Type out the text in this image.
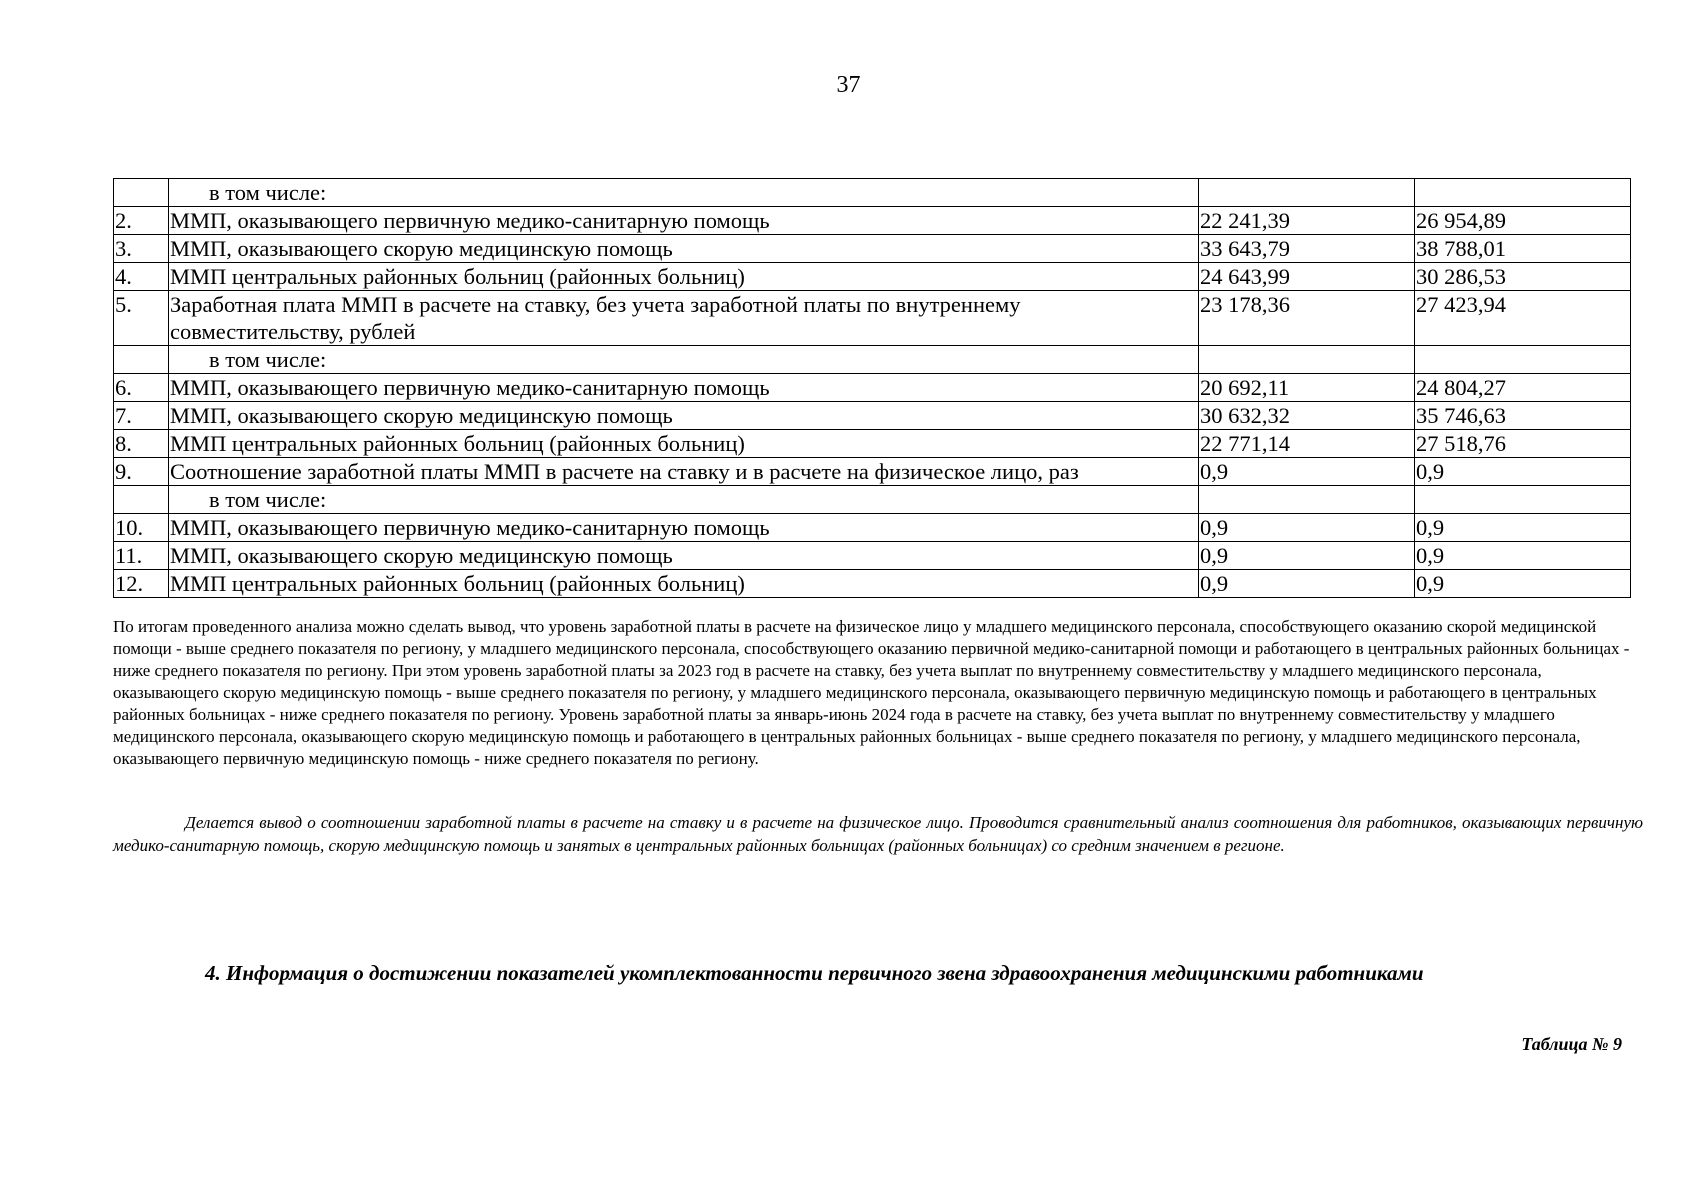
37
	в том числе:		
2.	ММП, оказывающего первичную медико-санитарную помощь	22 241,39	26 954,89
3.	ММП, оказывающего скорую медицинскую помощь	33 643,79	38 788,01
4.	ММП центральных районных больниц (районных больниц)	24 643,99	30 286,53
5.	Заработная плата ММП в расчете на ставку, без учета заработной платы по внутреннему совместительству, рублей	23 178,36	27 423,94
	в том числе:		
6.	ММП, оказывающего первичную медико-санитарную помощь	20 692,11	24 804,27
7.	ММП, оказывающего скорую медицинскую помощь	30 632,32	35 746,63
8.	ММП центральных районных больниц (районных больниц)	22 771,14	27 518,76
9.	Соотношение заработной платы ММП в расчете на ставку и в расчете на физическое лицо, раз	0,9	0,9
	в том числе:		
10.	ММП, оказывающего первичную медико-санитарную помощь	0,9	0,9
11.	ММП, оказывающего скорую медицинскую помощь	0,9	0,9
12.	ММП центральных районных больниц (районных больниц)	0,9	0,9

По итогам проведенного анализа можно сделать вывод, что уровень заработной платы в расчете на физическое лицо у младшего медицинского персонала, способствующего оказанию скорой медицинской помощи - выше среднего показателя по региону, у младшего медицинского персонала, способствующего оказанию первичной медико-санитарной помощи и работающего в центральных районных больницах - ниже среднего показателя по региону. При этом уровень заработной платы за 2023 год в расчете на ставку, без учета выплат по внутреннему совместительству у младшего медицинского персонала, оказывающего скорую медицинскую помощь - выше среднего показателя по региону, у младшего медицинского персонала, оказывающего первичную медицинскую помощь и работающего в центральных районных больницах - ниже среднего показателя по региону. Уровень заработной платы за январь-июнь 2024 года в расчете на ставку, без учета выплат по внутреннему совместительству у младшего медицинского персонала, оказывающего скорую медицинскую помощь и работающего в центральных районных больницах - выше среднего показателя по региону, у младшего медицинского персонала, оказывающего первичную медицинскую помощь - ниже среднего показателя по региону.

Делается вывод о соотношении заработной платы в расчете на ставку и в расчете на физическое лицо. Проводится сравнительный анализ соотношения для работников, оказывающих первичную медико-санитарную помощь, скорую медицинскую помощь и занятых в центральных районных больницах (районных больницах) со средним значением в регионе.

4. Информация о достижении показателей укомплектованности первичного звена здравоохранения медицинскими работниками
Таблица № 9
